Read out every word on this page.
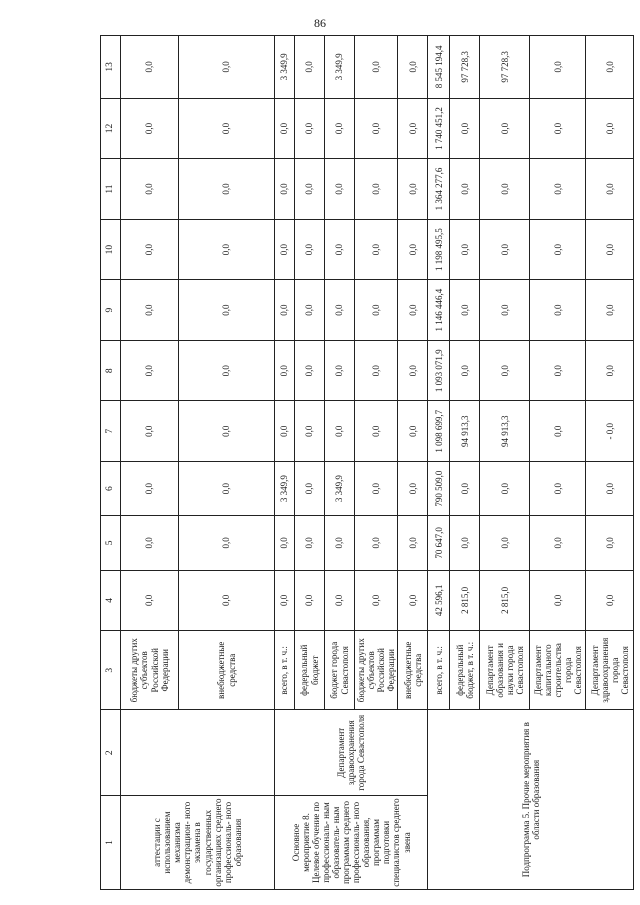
86
1	2	3	4	5	6	7	8	9	10	11	12	13
аттестации с использованием механизма демонстрацион- ного экзамена в государственных организациях среднего профессиональ- ного образования		бюджеты других субъектов Российской Федерации	0,0	0,0	0,0	0,0	0,0	0,0	0,0	0,0	0,0	0,0
		внебюджетные средства	0,0	0,0	0,0	0,0	0,0	0,0	0,0	0,0	0,0	0,0
Основное мероприятие 8. Целевое обучение по профессиональ- ным образователь- ным программам среднего профессиональ- ного образования, программам подготовки специалистов среднего звена	Департамент здравоохранения города Севастополя	всего, в т. ч.:	0,0	0,0	3 349,9	0,0	0,0	0,0	0,0	0,0	0,0	3 349,9
		федеральный бюджет	0,0	0,0	0,0	0,0	0,0	0,0	0,0	0,0	0,0	0,0
		бюджет города Севастополя	0,0	0,0	3 349,9	0,0	0,0	0,0	0,0	0,0	0,0	3 349,9
		бюджеты других субъектов Российской Федерации	0,0	0,0	0,0	0,0	0,0	0,0	0,0	0,0	0,0	0,0
		внебюджетные средства	0,0	0,0	0,0	0,0	0,0	0,0	0,0	0,0	0,0	0,0
Подпрограмма 5. Прочие мероприятия в области образования		всего, в т. ч.:	42 596,1	70 647,0	790 509,0	1 098 699,7	1 093 071,9	1 146 446,4	1 198 495,5	1 364 277,6	1 740 451,2	8 545 194,4
		федеральный бюджет, в т. ч.:	2 815,0	0,0	0,0	94 913,3	0,0	0,0	0,0	0,0	0,0	97 728,3
		Департамент образования и науки города Севастополя	2 815,0	0,0	0,0	94 913,3	0,0	0,0	0,0	0,0	0,0	97 728,3
		Департамент капитального строительства города Севастополя	0,0	0,0	0,0	0,0	0,0	0,0	0,0	0,0	0,0	0,0
		Департамент здравоохранения города Севастополя	0,0	0,0	0,0	- 0,0	0,0	0,0	0,0	0,0	0,0	0,0
